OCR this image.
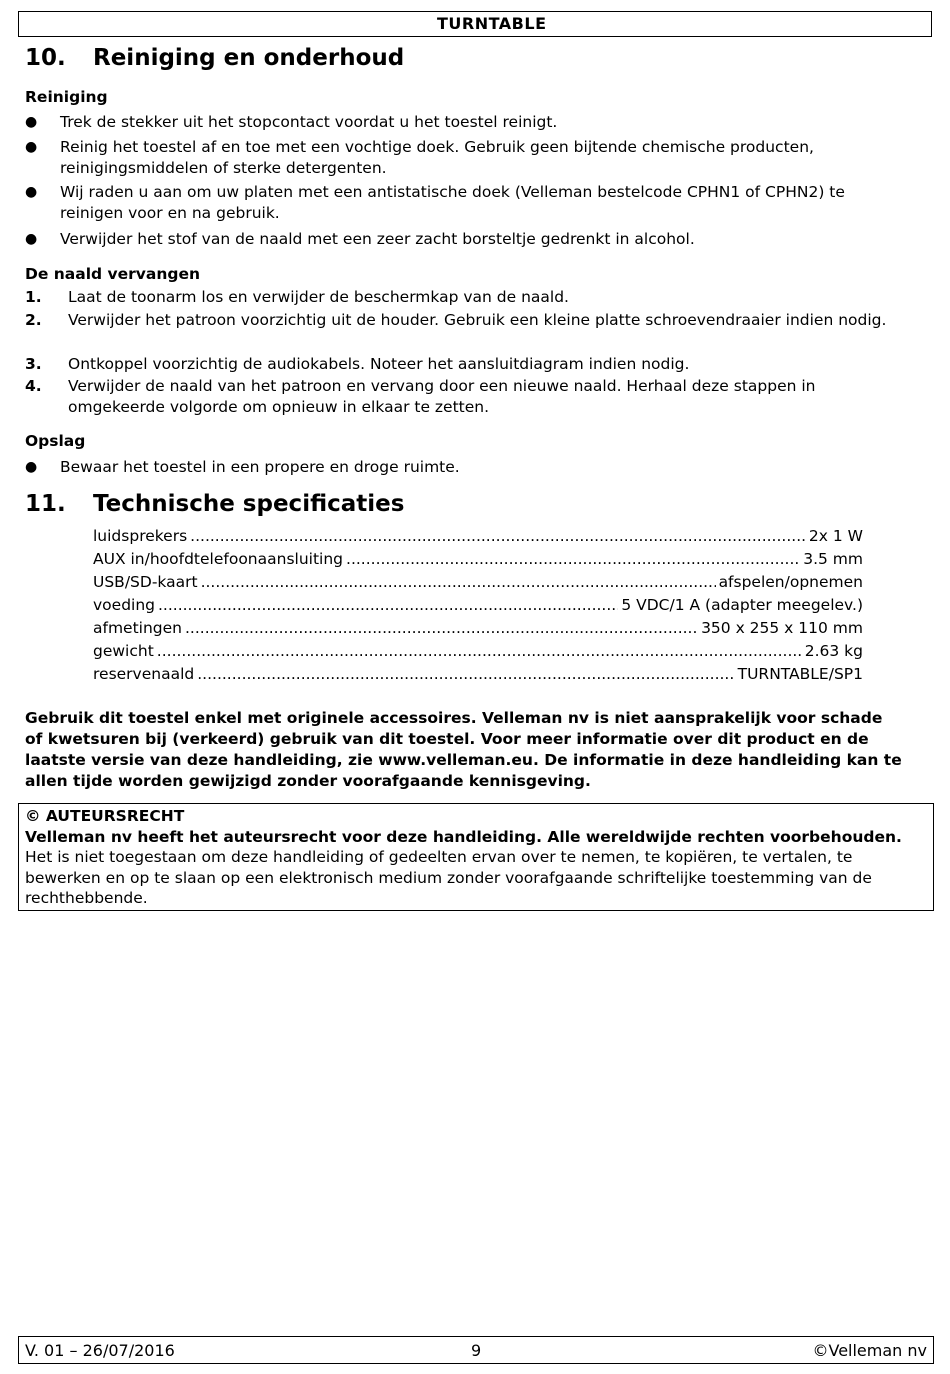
TURNTABLE
10. Reiniging en onderhoud
Reiniging
● Trek de stekker uit het stopcontact voordat u het toestel reinigt.
● Reinig het toestel af en toe met een vochtige doek. Gebruik geen bijtende chemische producten, reinigingsmiddelen of sterke detergenten.
● Wij raden u aan om uw platen met een antistatische doek (Velleman bestelcode CPHN1 of CPHN2) te reinigen voor en na gebruik.
● Verwijder het stof van de naald met een zeer zacht borsteltje gedrenkt in alcohol.
De naald vervangen
1. Laat de toonarm los en verwijder de beschermkap van de naald.
2. Verwijder het patroon voorzichtig uit de houder. Gebruik een kleine platte schroevendraaier indien nodig.
3. Ontkoppel voorzichtig de audiokabels. Noteer het aansluitdiagram indien nodig.
4. Verwijder de naald van het patroon en vervang door een nieuwe naald. Herhaal deze stappen in omgekeerde volgorde om opnieuw in elkaar te zetten.
Opslag
● Bewaar het toestel in een propere en droge ruimte.
11. Technische specificaties
luidsprekers .....	2x 1 W
AUX in/hoofdtelefoonaansluiting .....	3.5 mm
USB/SD-kaart .....	afspelen/opnemen
voeding .....	5 VDC/1 A (adapter meegelev.)
afmetingen .....	350 x 255 x 110 mm
gewicht .....	2.63 kg
reservenaald .....	TURNTABLE/SP1
Gebruik dit toestel enkel met originele accessoires. Velleman nv is niet aansprakelijk voor schade of kwetsuren bij (verkeerd) gebruik van dit toestel. Voor meer informatie over dit product en de laatste versie van deze handleiding, zie www.velleman.eu. De informatie in deze handleiding kan te allen tijde worden gewijzigd zonder voorafgaande kennisgeving.
© AUTEURSRECHT
Velleman nv heeft het auteursrecht voor deze handleiding. Alle wereldwijde rechten voorbehouden. Het is niet toegestaan om deze handleiding of gedeelten ervan over te nemen, te kopiëren, te vertalen, te bewerken en op te slaan op een elektronisch medium zonder voorafgaande schriftelijke toestemming van de rechthebbende.
V. 01 – 26/07/2016	9	©Velleman nv
